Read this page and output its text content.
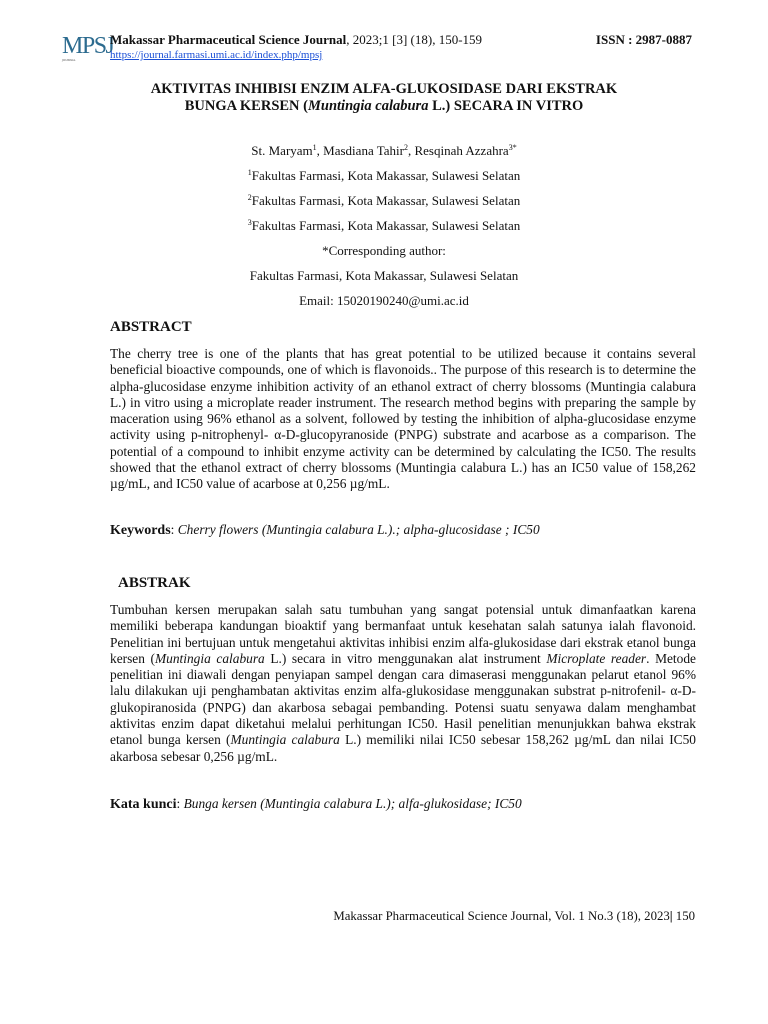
MPSJ
JOURNAL
Makassar Pharmaceutical Science Journal, 2023;1 [3] (18), 150-159	ISSN : 2987-0887
https://journal.farmasi.umi.ac.id/index.php/mpsj
AKTIVITAS INHIBISI ENZIM ALFA-GLUKOSIDASE DARI EKSTRAK BUNGA KERSEN (Muntingia calabura L.) SECARA IN VITRO
St. Maryam$^1$, Masdiana Tahir$^2$, Resqinah Azzahra$^{3*}$
$^1$Fakultas Farmasi, Kota Makassar, Sulawesi Selatan
$^2$Fakultas Farmasi, Kota Makassar, Sulawesi Selatan
$^3$Fakultas Farmasi, Kota Makassar, Sulawesi Selatan
*Corresponding author:
Fakultas Farmasi, Kota Makassar, Sulawesi Selatan
Email: 15020190240@umi.ac.id
ABSTRACT
The cherry tree is one of the plants that has great potential to be utilized because it contains several beneficial bioactive compounds, one of which is flavonoids.. The purpose of this research is to determine the alpha-glucosidase enzyme inhibition activity of an ethanol extract of cherry blossoms (Muntingia calabura L.) in vitro using a microplate reader instrument. The research method begins with preparing the sample by maceration using 96% ethanol as a solvent, followed by testing the inhibition of alpha-glucosidase enzyme activity using p-nitrophenyl- α-D-glucopyranoside (PNPG) substrate and acarbose as a comparison. The potential of a compound to inhibit enzyme activity can be determined by calculating the IC50. The results showed that the ethanol extract of cherry blossoms (Muntingia calabura L.) has an IC50 value of 158,262 µg/mL, and IC50 value of acarbose at 0,256 µg/mL.
Keywords: Cherry flowers (Muntingia calabura L.).; alpha-glucosidase ; IC50
ABSTRAK
Tumbuhan kersen merupakan salah satu tumbuhan yang sangat potensial untuk dimanfaatkan karena memiliki beberapa kandungan bioaktif yang bermanfaat untuk kesehatan salah satunya ialah flavonoid. Penelitian ini bertujuan untuk mengetahui aktivitas inhibisi enzim alfa-glukosidase dari ekstrak etanol bunga kersen (Muntingia calabura L.) secara in vitro menggunakan alat instrument Microplate reader. Metode penelitian ini diawali dengan penyiapan sampel dengan cara dimaserasi menggunakan pelarut etanol 96% lalu dilakukan uji penghambatan aktivitas enzim alfa-glukosidase menggunakan substrat p-nitrofenil- α-D-glukopiranosida (PNPG) dan akarbosa sebagai pembanding. Potensi suatu senyawa dalam menghambat aktivitas enzim dapat diketahui melalui perhitungan IC50. Hasil penelitian menunjukkan bahwa ekstrak etanol bunga kersen (Muntingia calabura L.) memiliki nilai IC50 sebesar 158,262 µg/mL dan nilai IC50 akarbosa sebesar 0,256 µg/mL.
Kata kunci: Bunga kersen (Muntingia calabura L.); alfa-glukosidase; IC50
Makassar Pharmaceutical Science Journal, Vol. 1 No.3 (18), 2023| 150
